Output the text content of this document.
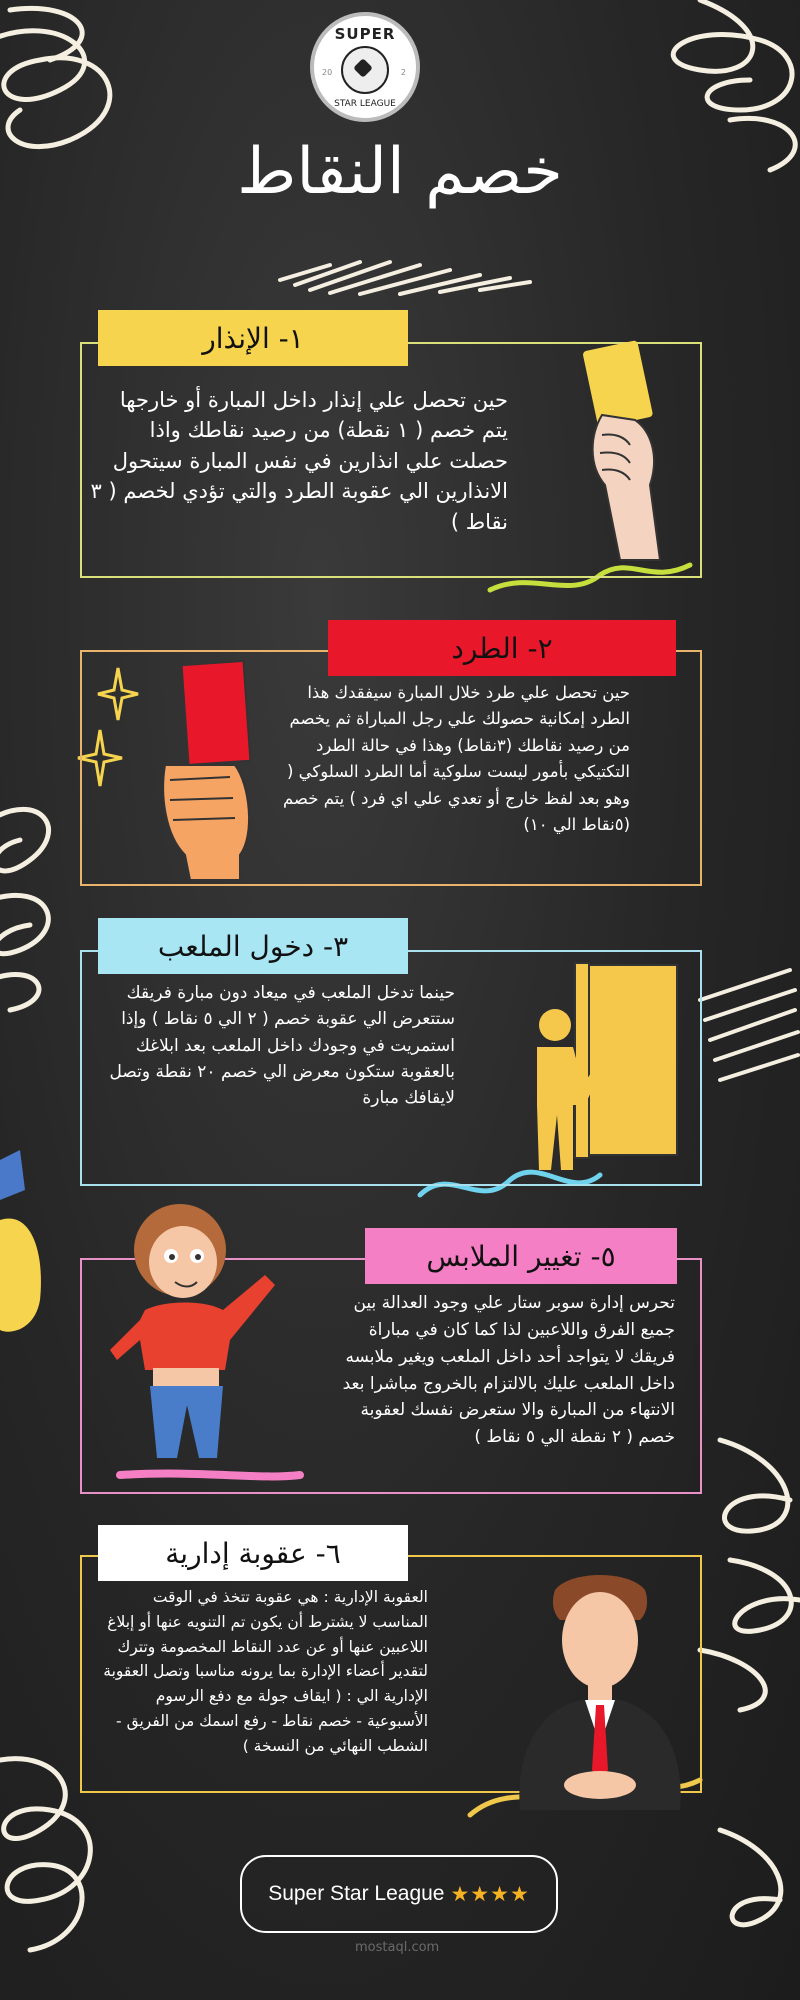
SUPER
STAR LEAGUE
20	2
خصم النقاط
١- الإنذار
حين تحصل علي إنذار داخل المبارة أو خارجها يتم خصم ( ١ نقطة) من رصيد نقاطك واذا حصلت علي انذارين في نفس المبارة سيتحول الانذارين الي عقوبة الطرد والتي تؤدي لخصم ( ٣ نقاط )
٢- الطرد
حين تحصل علي طرد خلال المبارة سيفقدك هذا الطرد إمكانية حصولك علي رجل المباراة ثم يخصم من رصيد نقاطك (٣نقاط) وهذا في حالة الطرد التكتيكي بأمور ليست سلوكية أما الطرد السلوكي ( وهو بعد لفظ خارج أو تعدي علي اي فرد ) يتم خصم (٥نقاط الي ١٠)
٣- دخول الملعب
حينما تدخل الملعب في ميعاد دون مبارة فريقك ستتعرض الي عقوبة خصم ( ٢ الي ٥ نقاط ) وإذا استمريت في وجودك داخل الملعب بعد ابلاغك بالعقوبة ستكون معرض الي خصم ٢٠ نقطة وتصل لايقافك مبارة
٥- تغيير الملابس
تحرس إدارة سوبر ستار علي وجود العدالة بين جميع الفرق واللاعبين لذا كما كان في مباراة فريقك لا يتواجد أحد داخل الملعب ويغير ملابسه داخل الملعب عليك بالالتزام بالخروج مباشرا بعد الانتهاء من المبارة والا ستعرض نفسك لعقوبة خصم ( ٢ نقطة الي ٥ نقاط )
٦- عقوبة إدارية
العقوبة الإدارية : هي عقوبة تتخذ في الوقت المناسب لا يشترط أن يكون تم التنويه عنها أو إبلاغ اللاعبين عنها أو عن عدد النقاط المخصومة وتترك لتقدير أعضاء الإدارة بما يرونه مناسبا وتصل العقوبة الإدارية الي : ( ايقاف جولة مع دفع الرسوم الأسبوعية - خصم نقاط - رفع اسمك من الفريق - الشطب النهائي من النسخة )
Super Star League ★★★★
mostaql.com
